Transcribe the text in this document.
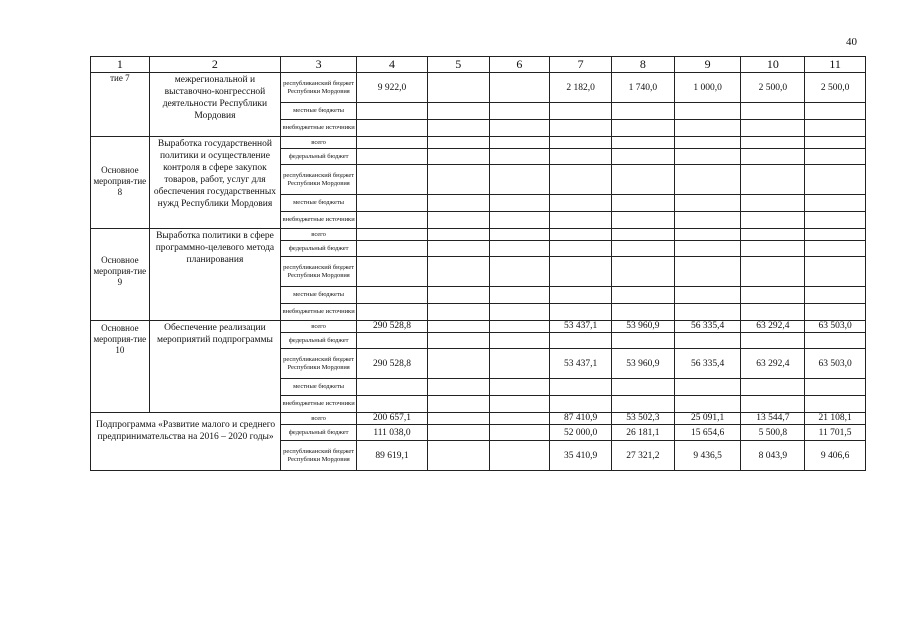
40
1	2	3	4	5	6	7	8	9	10	11
тие 7	межрегиональной и выставочно-конгрессной деятельности Республики Мордовия	республиканский бюджет Республики Мордовия	9 922,0			2 182,0	1 740,0	1 000,0	2 500,0	2 500,0
		местные бюджеты								
		внебюджетные источники								
Основное мероприя-тие 8	Выработка государственной политики и осуществление контроля в сфере закупок товаров, работ, услуг для обеспечения государственных нужд Республики Мордовия	всего								
		федеральный бюджет								
		республиканский бюджет Республики Мордовия								
		местные бюджеты								
		внебюджетные источники								
Основное мероприя-тие 9	Выработка политики в сфере программно-целевого метода планирования	всего								
		федеральный бюджет								
		республиканский бюджет Республики Мордовия								
		местные бюджеты								
		внебюджетные источники								
Основное мероприя-тие 10	Обеспечение реализации мероприятий подпрограммы	всего	290 528,8			53 437,1	53 960,9	56 335,4	63 292,4	63 503,0
		федеральный бюджет								
		республиканский бюджет Республики Мордовия	290 528,8			53 437,1	53 960,9	56 335,4	63 292,4	63 503,0
		местные бюджеты								
		внебюджетные источники								
Подпрограмма «Развитие малого и среднего предпринимательства на 2016 – 2020 годы»		всего	200 657,1			87 410,9	53 502,3	25 091,1	13 544,7	21 108,1
		федеральный бюджет	111 038,0			52 000,0	26 181,1	15 654,6	5 500,8	11 701,5
		республиканский бюджет Республики Мордовия	89 619,1			35 410,9	27 321,2	9 436,5	8 043,9	9 406,6
